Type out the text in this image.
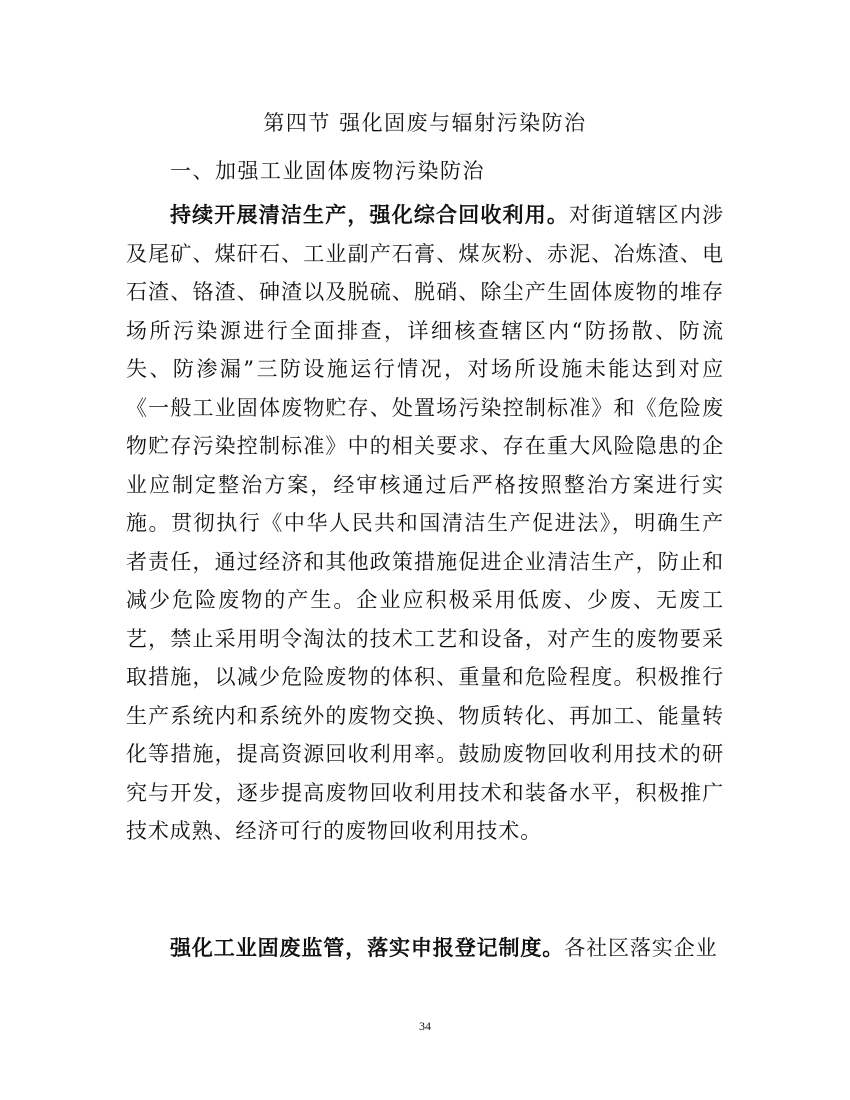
第四节 强化固废与辐射污染防治
一、加强工业固体废物污染防治

持续开展清洁生产，强化综合回收利用。对街道辖区内涉及尾矿、煤矸石、工业副产石膏、煤灰粉、赤泥、冶炼渣、电石渣、铬渣、砷渣以及脱硫、脱硝、除尘产生固体废物的堆存场所污染源进行全面排查，详细核查辖区内“防扬散、防流失、防渗漏”三防设施运行情况，对场所设施未能达到对应《一般工业固体废物贮存、处置场污染控制标准》和《危险废物贮存污染控制标准》中的相关要求、存在重大风险隐患的企业应制定整治方案，经审核通过后严格按照整治方案进行实施。贯彻执行《中华人民共和国清洁生产促进法》，明确生产者责任，通过经济和其他政策措施促进企业清洁生产，防止和减少危险废物的产生。企业应积极采用低废、少废、无废工艺，禁止采用明令淘汰的技术工艺和设备，对产生的废物要采取措施，以减少危险废物的体积、重量和危险程度。积极推行生产系统内和系统外的废物交换、物质转化、再加工、能量转化等措施，提高资源回收利用率。鼓励废物回收利用技术的研究与开发，逐步提高废物回收利用技术和装备水平，积极推广技术成熟、经济可行的废物回收利用技术。

强化工业固废监管，落实申报登记制度。各社区落实企业

34
